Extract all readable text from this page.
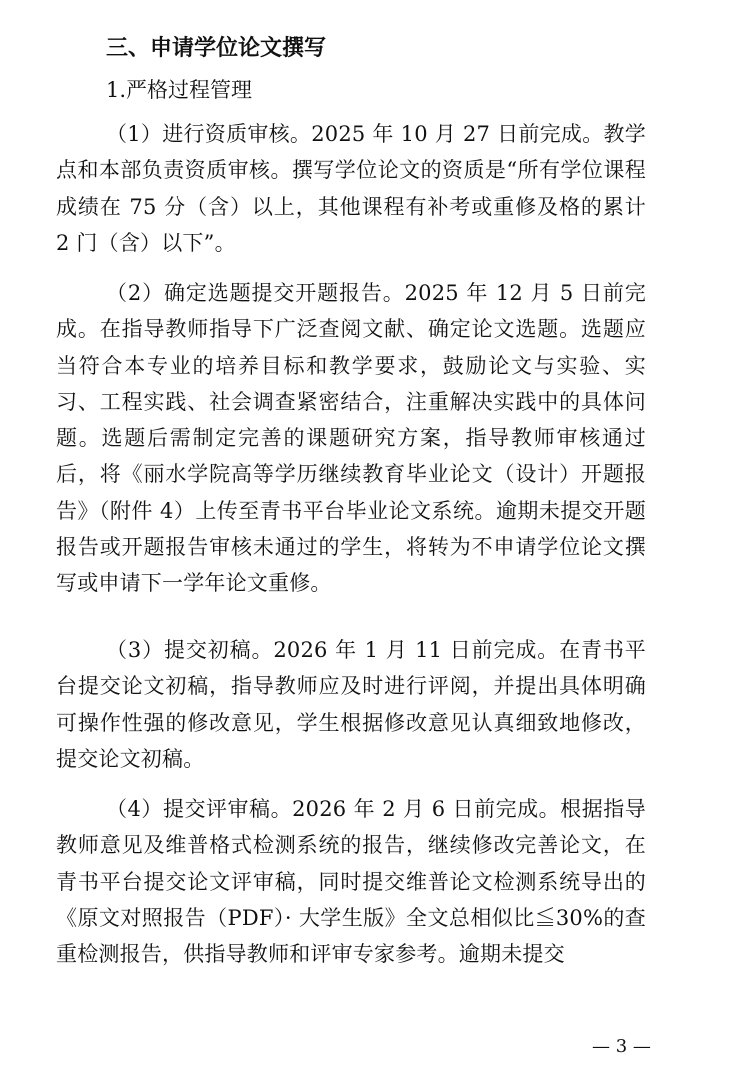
三、申请学位论文撰写
1.严格过程管理

（1）进行资质审核。2025 年 10 月 27 日前完成。教学点和本部负责资质审核。撰写学位论文的资质是“所有学位课程成绩在 75 分（含）以上，其他课程有补考或重修及格的累计 2 门（含）以下”。

（2）确定选题提交开题报告。2025 年 12 月 5 日前完成。在指导教师指导下广泛查阅文献、确定论文选题。选题应当符合本专业的培养目标和教学要求，鼓励论文与实验、实习、工程实践、社会调查紧密结合，注重解决实践中的具体问题。选题后需制定完善的课题研究方案，指导教师审核通过后，将《丽水学院高等学历继续教育毕业论文（设计）开题报告》（附件 4）上传至青书平台毕业论文系统。逾期未提交开题报告或开题报告审核未通过的学生，将转为不申请学位论文撰写或申请下一学年论文重修。

（3）提交初稿。2026 年 1 月 11 日前完成。在青书平台提交论文初稿，指导教师应及时进行评阅，并提出具体明确可操作性强的修改意见，学生根据修改意见认真细致地修改，提交论文初稿。

（4）提交评审稿。2026 年 2 月 6 日前完成。根据指导教师意见及维普格式检测系统的报告，继续修改完善论文，在青书平台提交论文评审稿，同时提交维普论文检测系统导出的《原文对照报告（PDF）· 大学生版》全文总相似比≦30%的查重检测报告，供指导教师和评审专家参考。逾期未提交

— 3 —
